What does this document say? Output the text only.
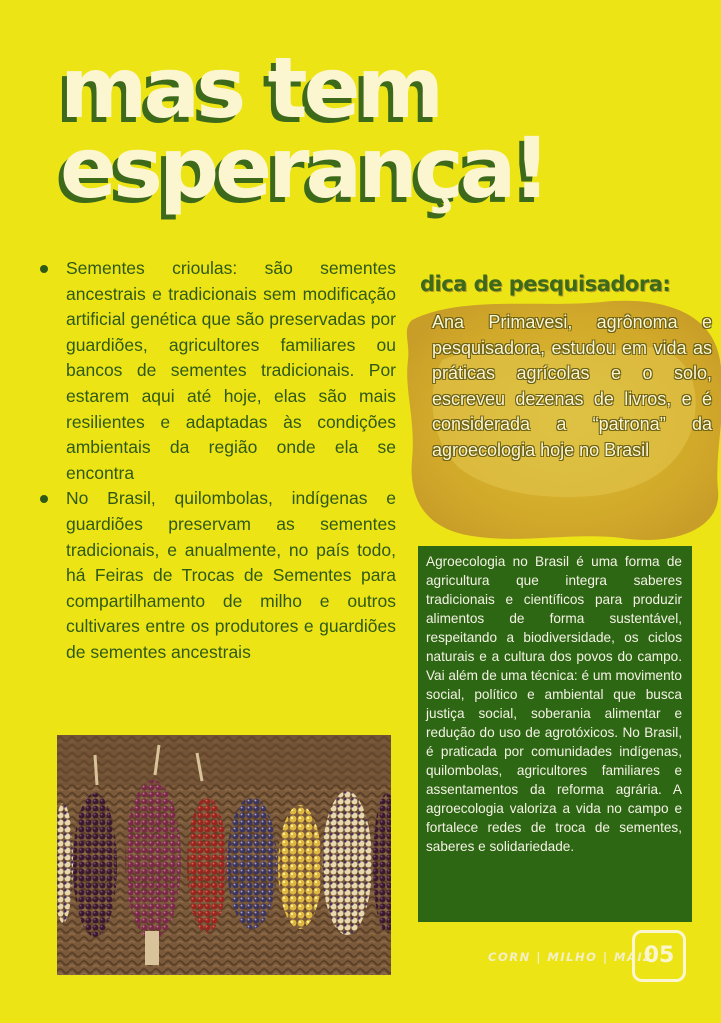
mas tem
esperança!
Sementes crioulas: são sementes ancestrais e tradicionais sem modificação artificial genética que são preservadas por guardiões, agricultores familiares ou bancos de sementes tradicionais. Por estarem aqui até hoje, elas são mais resilientes e adaptadas às condições ambientais da região onde ela se encontra
No Brasil, quilombolas, indígenas e guardiões preservam as sementes tradicionais, e anualmente, no país todo, há Feiras de Trocas de Sementes para compartilhamento de milho e outros cultivares entre os produtores e guardiões de sementes ancestrais
dica de pesquisadora:
Ana Primavesi, agrônoma e pesquisadora, estudou em vida as práticas agrícolas e o solo, escreveu dezenas de livros, e é considerada a “patrona” da agroecologia hoje no Brasil

Agroecologia no Brasil é uma forma de agricultura que integra saberes tradicionais e científicos para produzir alimentos de forma sustentável, respeitando a biodiversidade, os ciclos naturais e a cultura dos povos do campo. Vai além de uma técnica: é um movimento social, político e ambiental que busca justiça social, soberania alimentar e redução do uso de agrotóxicos. No Brasil, é praticada por comunidades indígenas, quilombolas, agricultores familiares e assentamentos da reforma agrária. A agroecologia valoriza a vida no campo e fortalece redes de troca de sementes, saberes e solidariedade.

CORN | MILHO | MAIZ
05
